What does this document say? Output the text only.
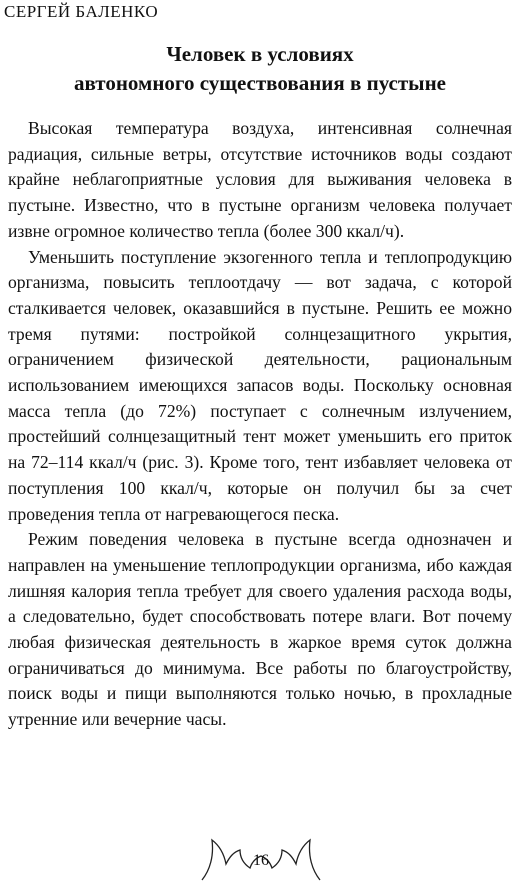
СЕРГЕЙ БАЛЕНКО
Человек в условиях
автономного существования в пустыне

Высокая температура воздуха, интенсивная солнечная радиация, сильные ветры, отсутствие источников воды создают крайне неблагоприятные условия для выживания человека в пустыне. Известно, что в пустыне организм человека получает извне огромное количество тепла (более 300 ккал/ч).

Уменьшить поступление экзогенного тепла и теплопродукцию организма, повысить теплоотдачу — вот задача, с которой сталкивается человек, оказавшийся в пустыне. Решить ее можно тремя путями: постройкой солнцезащитного укрытия, ограничением физической деятельности, рациональным использованием имеющихся запасов воды. Поскольку основная масса тепла (до 72%) поступает с солнечным излучением, простейший солнцезащитный тент может уменьшить его приток на 72–114 ккал/ч (рис. 3). Кроме того, тент избавляет человека от поступления 100 ккал/ч, которые он получил бы за счет проведения тепла от нагревающегося песка.

Режим поведения человека в пустыне всегда однозначен и направлен на уменьшение теплопродукции организма, ибо каждая лишняя калория тепла требует для своего удаления расхода воды, а следовательно, будет способствовать потере влаги. Вот почему любая физическая деятельность в жаркое время суток должна ограничиваться до минимума. Все работы по благоустройству, поиск воды и пищи выполняются только ночью, в прохладные утренние или вечерние часы.

16
